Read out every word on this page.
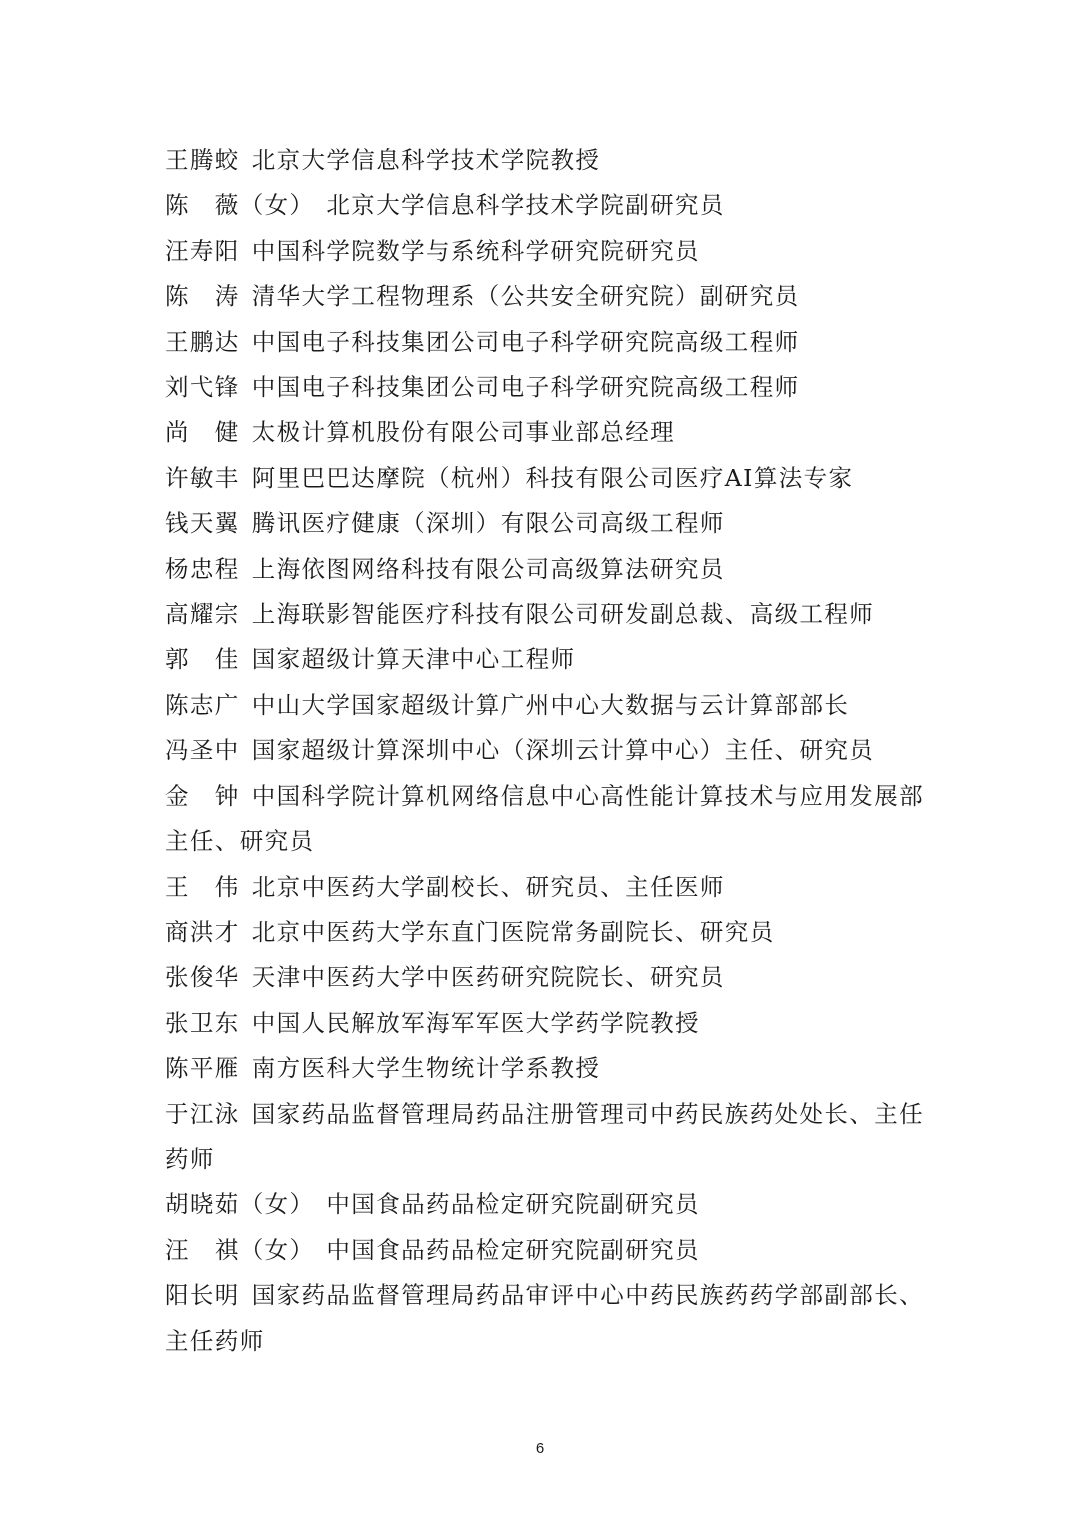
王腾蛟 北京大学信息科学技术学院教授
陈　薇（女） 北京大学信息科学技术学院副研究员
汪寿阳 中国科学院数学与系统科学研究院研究员
陈　涛 清华大学工程物理系（公共安全研究院）副研究员
王鹏达 中国电子科技集团公司电子科学研究院高级工程师
刘弋锋 中国电子科技集团公司电子科学研究院高级工程师
尚　健 太极计算机股份有限公司事业部总经理
许敏丰 阿里巴巴达摩院（杭州）科技有限公司医疗AI算法专家
钱天翼 腾讯医疗健康（深圳）有限公司高级工程师
杨忠程 上海依图网络科技有限公司高级算法研究员
高耀宗 上海联影智能医疗科技有限公司研发副总裁、高级工程师
郭　佳 国家超级计算天津中心工程师
陈志广 中山大学国家超级计算广州中心大数据与云计算部部长
冯圣中 国家超级计算深圳中心（深圳云计算中心）主任、研究员
金　钟 中国科学院计算机网络信息中心高性能计算技术与应用发展部主任、研究员
王　伟 北京中医药大学副校长、研究员、主任医师
商洪才 北京中医药大学东直门医院常务副院长、研究员
张俊华 天津中医药大学中医药研究院院长、研究员
张卫东 中国人民解放军海军军医大学药学院教授
陈平雁 南方医科大学生物统计学系教授
于江泳 国家药品监督管理局药品注册管理司中药民族药处处长、主任药师
胡晓茹（女） 中国食品药品检定研究院副研究员
汪　祺（女） 中国食品药品检定研究院副研究员
阳长明 国家药品监督管理局药品审评中心中药民族药药学部副部长、主任药师
6
